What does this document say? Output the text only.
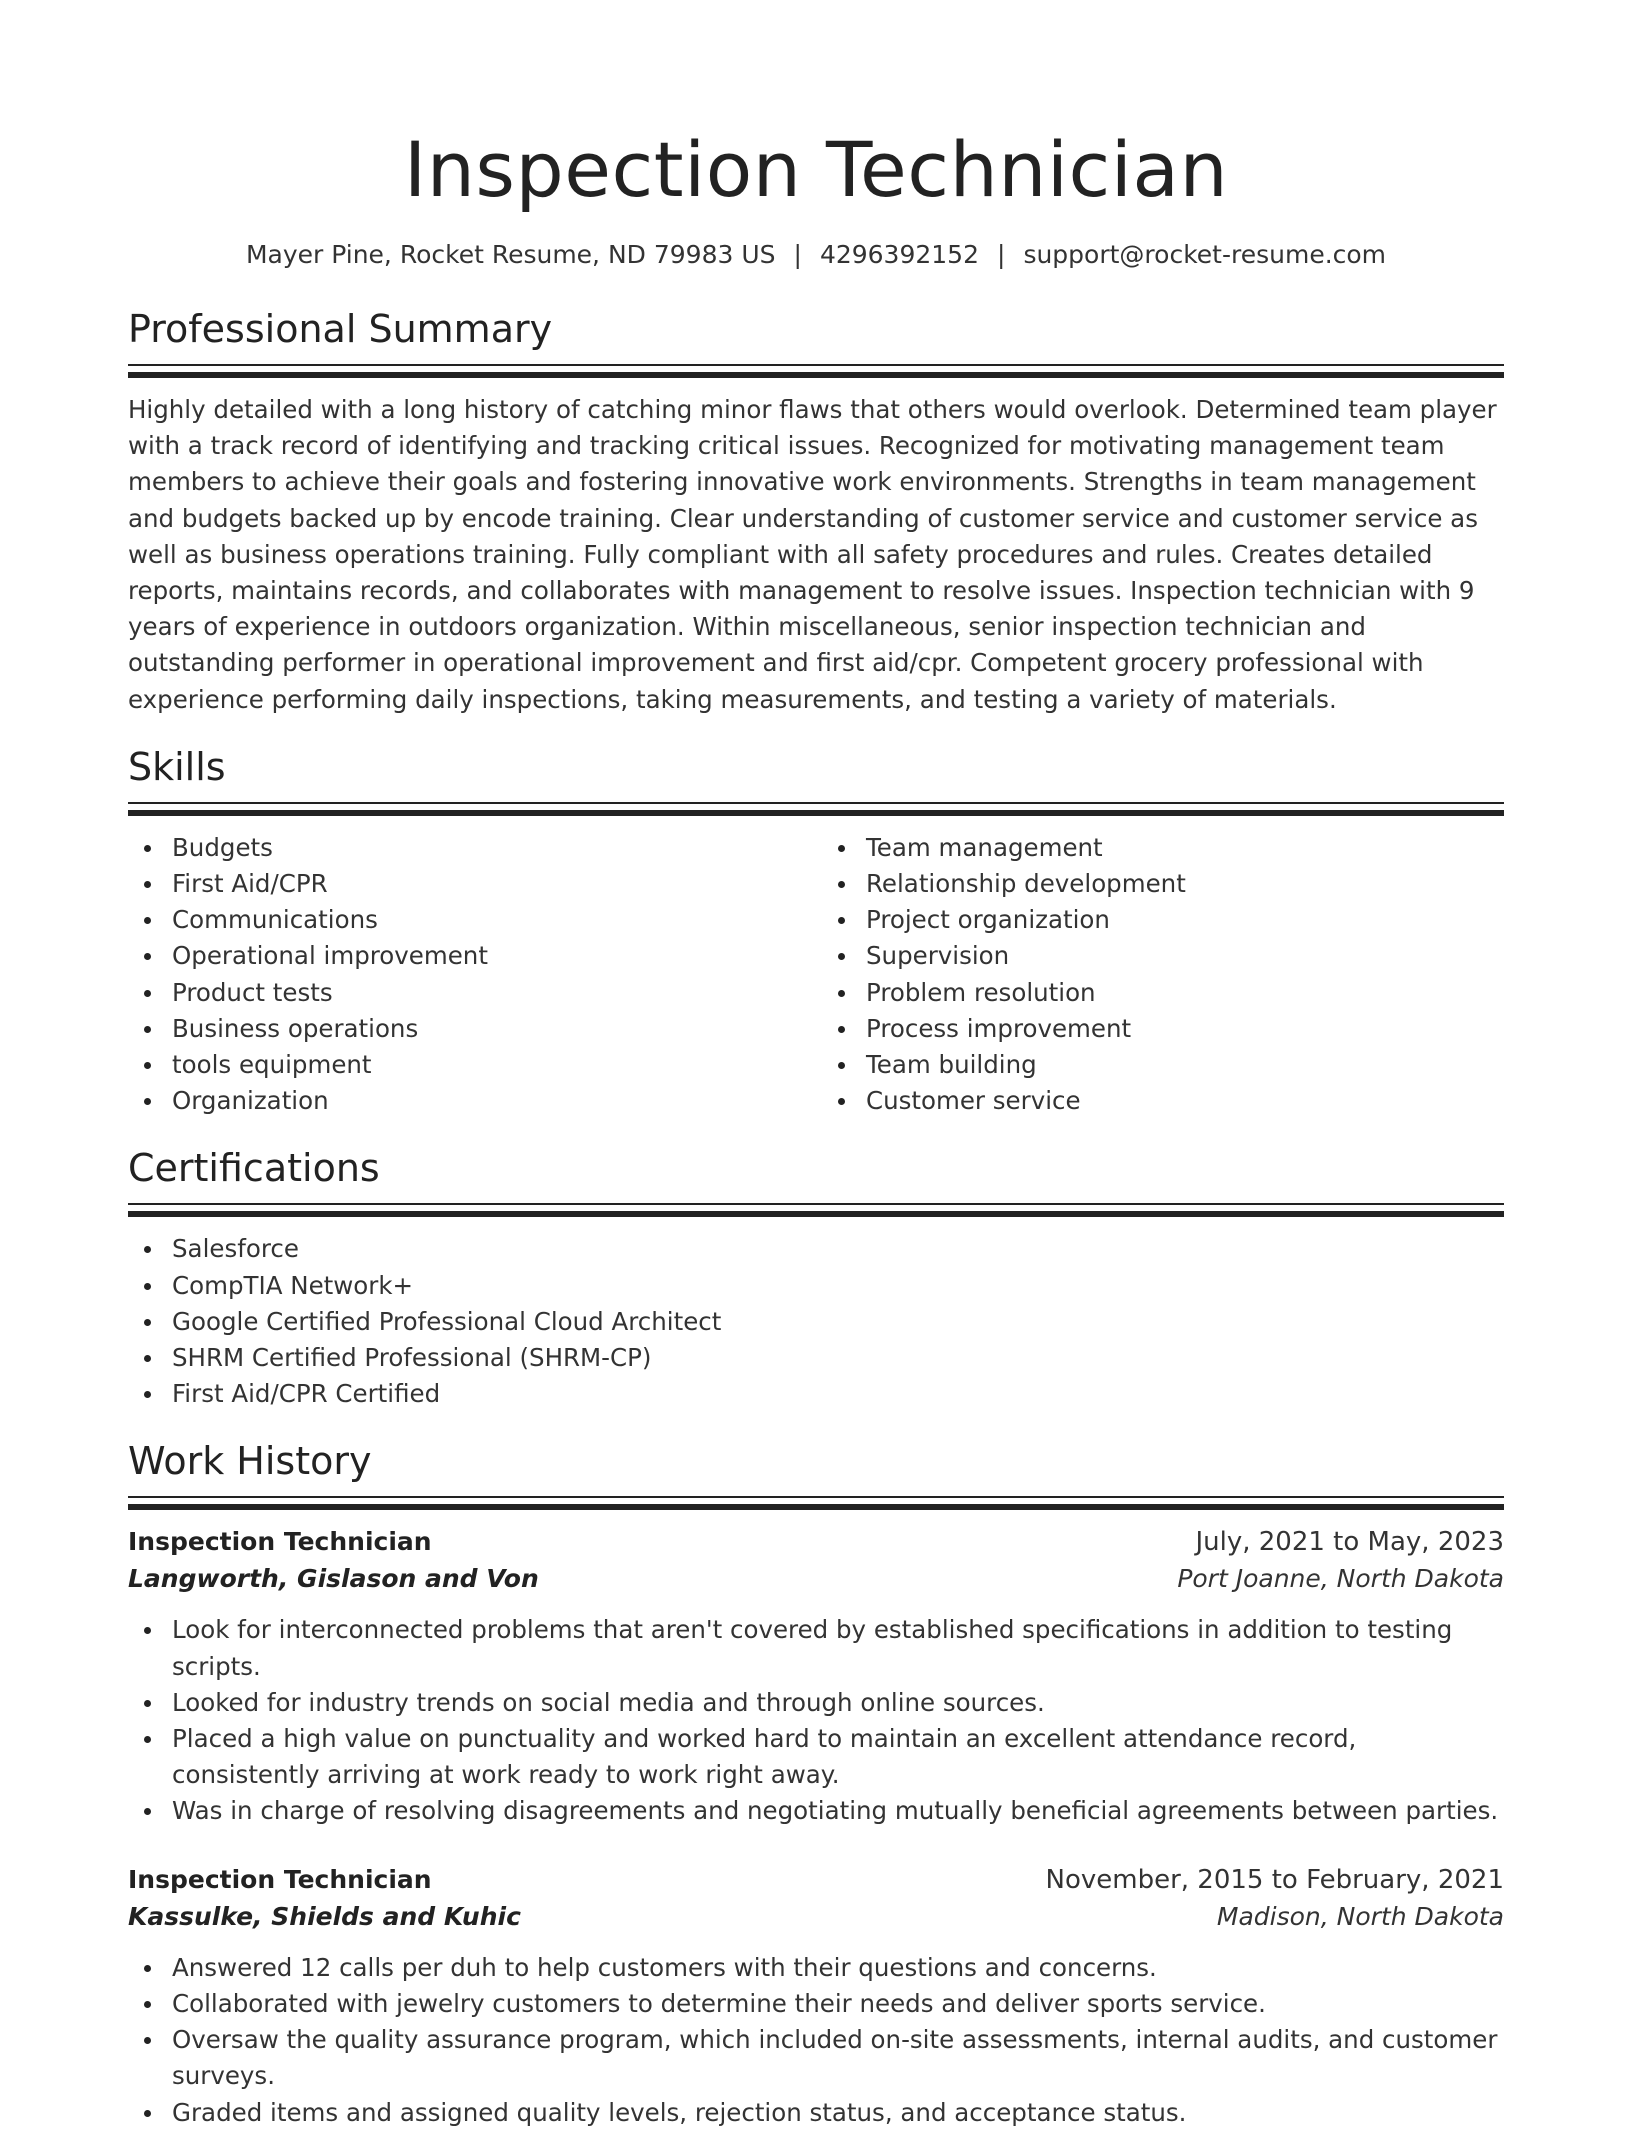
Inspection Technician
Mayer Pine, Rocket Resume, ND 79983 US | 4296392152 | support@rocket-resume.com
Professional Summary

Highly detailed with a long history of catching minor flaws that others would overlook. Determined team player with a track record of identifying and tracking critical issues. Recognized for motivating management team members to achieve their goals and fostering innovative work environments. Strengths in team management and budgets backed up by encode training. Clear understanding of customer service and customer service as well as business operations training. Fully compliant with all safety procedures and rules. Creates detailed reports, maintains records, and collaborates with management to resolve issues. Inspection technician with 9 years of experience in outdoors organization. Within miscellaneous, senior inspection technician and outstanding performer in operational improvement and first aid/cpr. Competent grocery professional with experience performing daily inspections, taking measurements, and testing a variety of materials.

Skills
Budgets
First Aid/CPR
Communications
Operational improvement
Product tests
Business operations
tools equipment
Organization
Team management
Relationship development
Project organization
Supervision
Problem resolution
Process improvement
Team building
Customer service
Certifications
Salesforce
CompTIA Network+
Google Certified Professional Cloud Architect
SHRM Certified Professional (SHRM-CP)
First Aid/CPR Certified
Work History
Inspection Technician	July, 2021 to May, 2023
Langworth, Gislason and Von	Port Joanne, North Dakota
Look for interconnected problems that aren't covered by established specifications in addition to testing scripts.
Looked for industry trends on social media and through online sources.
Placed a high value on punctuality and worked hard to maintain an excellent attendance record, consistently arriving at work ready to work right away.
Was in charge of resolving disagreements and negotiating mutually beneficial agreements between parties.
Inspection Technician	November, 2015 to February, 2021
Kassulke, Shields and Kuhic	Madison, North Dakota
Answered 12 calls per duh to help customers with their questions and concerns.
Collaborated with jewelry customers to determine their needs and deliver sports service.
Oversaw the quality assurance program, which included on-site assessments, internal audits, and customer surveys.
Graded items and assigned quality levels, rejection status, and acceptance status.
